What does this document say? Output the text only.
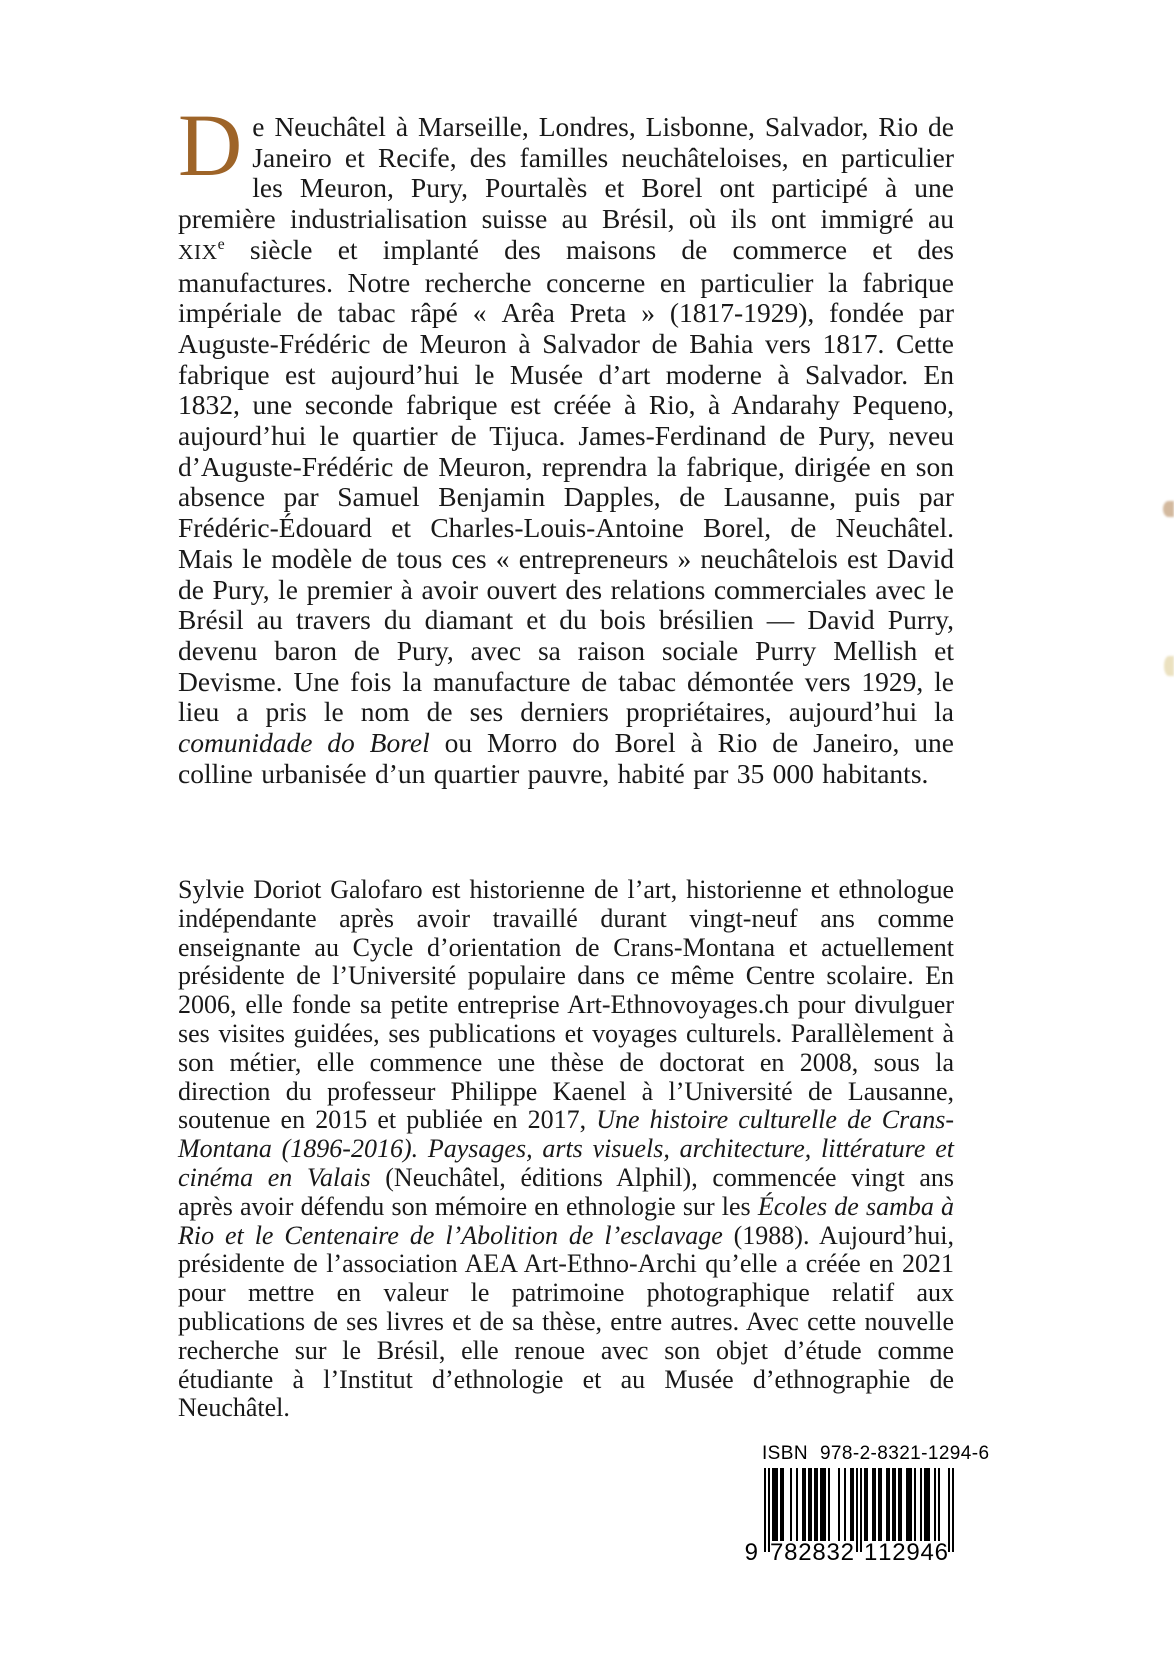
De Neuchâtel à Marseille, Londres, Lisbonne, Salvador, Rio de Janeiro et Recife, des familles neuchâteloises, en particulier les Meuron, Pury, Pourtalès et Borel ont participé à une première industrialisation suisse au Brésil, où ils ont immigré au XIXe siècle et implanté des maisons de commerce et des manufactures. Notre recherche concerne en particulier la fabrique impériale de tabac râpé « Arêa Preta » (1817-1929), fondée par Auguste-Frédéric de Meuron à Salvador de Bahia vers 1817. Cette fabrique est aujourd’hui le Musée d’art moderne à Salvador. En 1832, une seconde fabrique est créée à Rio, à Andarahy Pequeno, aujourd’hui le quartier de Tijuca. James-Ferdinand de Pury, neveu d’Auguste-Frédéric de Meuron, reprendra la fabrique, dirigée en son absence par Samuel Benjamin Dapples, de Lausanne, puis par Frédéric-Édouard et Charles-Louis-Antoine Borel, de Neuchâtel. Mais le modèle de tous ces « entrepreneurs » neuchâtelois est David de Pury, le premier à avoir ouvert des relations commerciales avec le Brésil au travers du diamant et du bois brésilien — David Purry, devenu baron de Pury, avec sa raison sociale Purry Mellish et Devisme. Une fois la manufacture de tabac démontée vers 1929, le lieu a pris le nom de ses derniers propriétaires, aujourd’hui la comunidade do Borel ou Morro do Borel à Rio de Janeiro, une colline urbanisée d’un quartier pauvre, habité par 35 000 habitants.

Sylvie Doriot Galofaro est historienne de l’art, historienne et ethnologue indépendante après avoir travaillé durant vingt-neuf ans comme enseignante au Cycle d’orientation de Crans-Montana et actuellement présidente de l’Université populaire dans ce même Centre scolaire. En 2006, elle fonde sa petite entreprise Art-Ethnovoyages.ch pour divulguer ses visites guidées, ses publications et voyages culturels. Parallèlement à son métier, elle commence une thèse de doctorat en 2008, sous la direction du professeur Philippe Kaenel à l’Université de Lausanne, soutenue en 2015 et publiée en 2017, Une histoire culturelle de Crans-Montana (1896-2016). Paysages, arts visuels, architecture, littérature et cinéma en Valais (Neuchâtel, éditions Alphil), commencée vingt ans après avoir défendu son mémoire en ethnologie sur les Écoles de samba à Rio et le Centenaire de l’Abolition de l’esclavage (1988). Aujourd’hui, présidente de l’association AEA Art-Ethno-Archi qu’elle a créée en 2021 pour mettre en valeur le patrimoine photographique relatif aux publications de ses livres et de sa thèse, entre autres. Avec cette nouvelle recherche sur le Brésil, elle renoue avec son objet d’étude comme étudiante à l’Institut d’ethnologie et au Musée d’ethnographie de Neuchâtel.

ISBN 978-2-8321-1294-6
9 7 8 2 8 3 2 1 1 2 9 4 6
